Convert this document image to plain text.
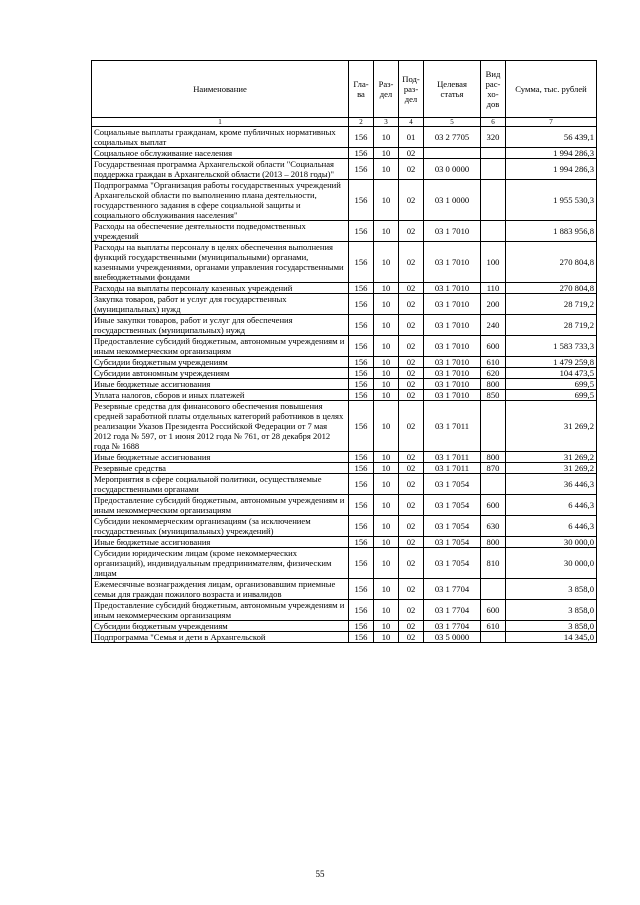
Наименование	Гла-ва	Раз-дел	Под-раз-дел	Целевая статья	Вид рас-хо-дов	Сумма, тыс. рублей
1	2	3	4	5	6	7
Социальные выплаты гражданам, кроме публичных нормативных социальных выплат	156	10	01	03 2 7705	320	56 439,1
Социальное обслуживание населения	156	10	02			1 994 286,3
Государственная программа Архангельской области "Социальная поддержка граждан в Архангельской области (2013 – 2018 годы)"	156	10	02	03 0 0000		1 994 286,3
Подпрограмма "Организация работы государственных учреждений Архангельской области по выполнению плана деятельности, государственного задания в сфере социальной защиты и социального обслуживания населения"	156	10	02	03 1 0000		1 955 530,3
Расходы на обеспечение деятельности подведомственных учреждений	156	10	02	03 1 7010		1 883 956,8
Расходы на выплаты персоналу в целях обеспечения выполнения функций государственными (муниципальными) органами, казенными учреждениями, органами управления государственными внебюджетными фондами	156	10	02	03 1 7010	100	270 804,8
Расходы на выплаты персоналу казенных учреждений	156	10	02	03 1 7010	110	270 804,8
Закупка товаров, работ и услуг для государственных (муниципальных) нужд	156	10	02	03 1 7010	200	28 719,2
Иные закупки товаров, работ и услуг для обеспечения государственных (муниципальных) нужд	156	10	02	03 1 7010	240	28 719,2
Предоставление субсидий бюджетным, автономным учреждениям и иным некоммерческим организациям	156	10	02	03 1 7010	600	1 583 733,3
Субсидии бюджетным учреждениям	156	10	02	03 1 7010	610	1 479 259,8
Субсидии автономным учреждениям	156	10	02	03 1 7010	620	104 473,5
Иные бюджетные ассигнования	156	10	02	03 1 7010	800	699,5
Уплата налогов, сборов и иных платежей	156	10	02	03 1 7010	850	699,5
Резервные средства для финансового обеспечения повышения средней заработной платы отдельных категорий работников в целях реализации Указов Президента Российской Федерации от 7 мая 2012 года № 597, от 1 июня 2012 года № 761, от 28 декабря 2012 года № 1688	156	10	02	03 1 7011		31 269,2
Иные бюджетные ассигнования	156	10	02	03 1 7011	800	31 269,2
Резервные средства	156	10	02	03 1 7011	870	31 269,2
Мероприятия в сфере социальной политики, осуществляемые государственными органами	156	10	02	03 1 7054		36 446,3
Предоставление субсидий бюджетным, автономным учреждениям и иным некоммерческим организациям	156	10	02	03 1 7054	600	6 446,3
Субсидии некоммерческим организациям (за исключением государственных (муниципальных) учреждений)	156	10	02	03 1 7054	630	6 446,3
Иные бюджетные ассигнования	156	10	02	03 1 7054	800	30 000,0
Субсидии юридическим лицам (кроме некоммерческих организаций), индивидуальным предпринимателям, физическим лицам	156	10	02	03 1 7054	810	30 000,0
Ежемесячные вознаграждения лицам, организовавшим приемные семьи для граждан пожилого возраста и инвалидов	156	10	02	03 1 7704		3 858,0
Предоставление субсидий бюджетным, автономным учреждениям и иным некоммерческим организациям	156	10	02	03 1 7704	600	3 858,0
Субсидии бюджетным учреждениям	156	10	02	03 1 7704	610	3 858,0
Подпрограмма "Семья и дети в Архангельской	156	10	02	03 5 0000		14 345,0
55
